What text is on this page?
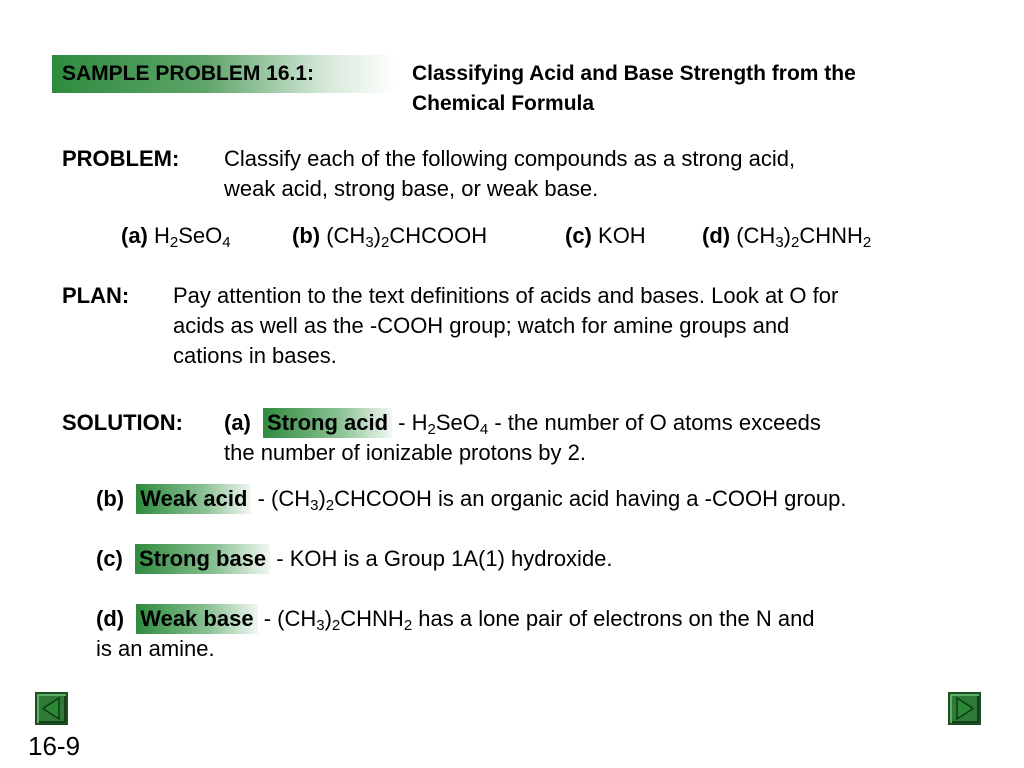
SAMPLE PROBLEM 16.1:	Classifying Acid and Base Strength from the
Chemical Formula
PROBLEM: Classify each of the following compounds as a strong acid,
weak acid, strong base, or weak base.
(a) $H_2SeO_4$	(b) $(CH_3)_2CHCOOH$	(c) KOH	(d) $(CH_3)_2CHNH_2$
PLAN: Pay attention to the text definitions of acids and bases. Look at O for
acids as well as the -COOH group; watch for amine groups and
cations in bases.
SOLUTION: (a) Strong acid - $H_2SeO_4$ - the number of O atoms exceeds
the number of ionizable protons by 2.
(b) Weak acid - $(CH_3)_2CHCOOH$ is an organic acid having a -COOH group.
(c) Strong base - KOH is a Group 1A(1) hydroxide.
(d) Weak base - $(CH_3)_2CHNH_2$ has a lone pair of electrons on the N and
is an amine.
16-9
